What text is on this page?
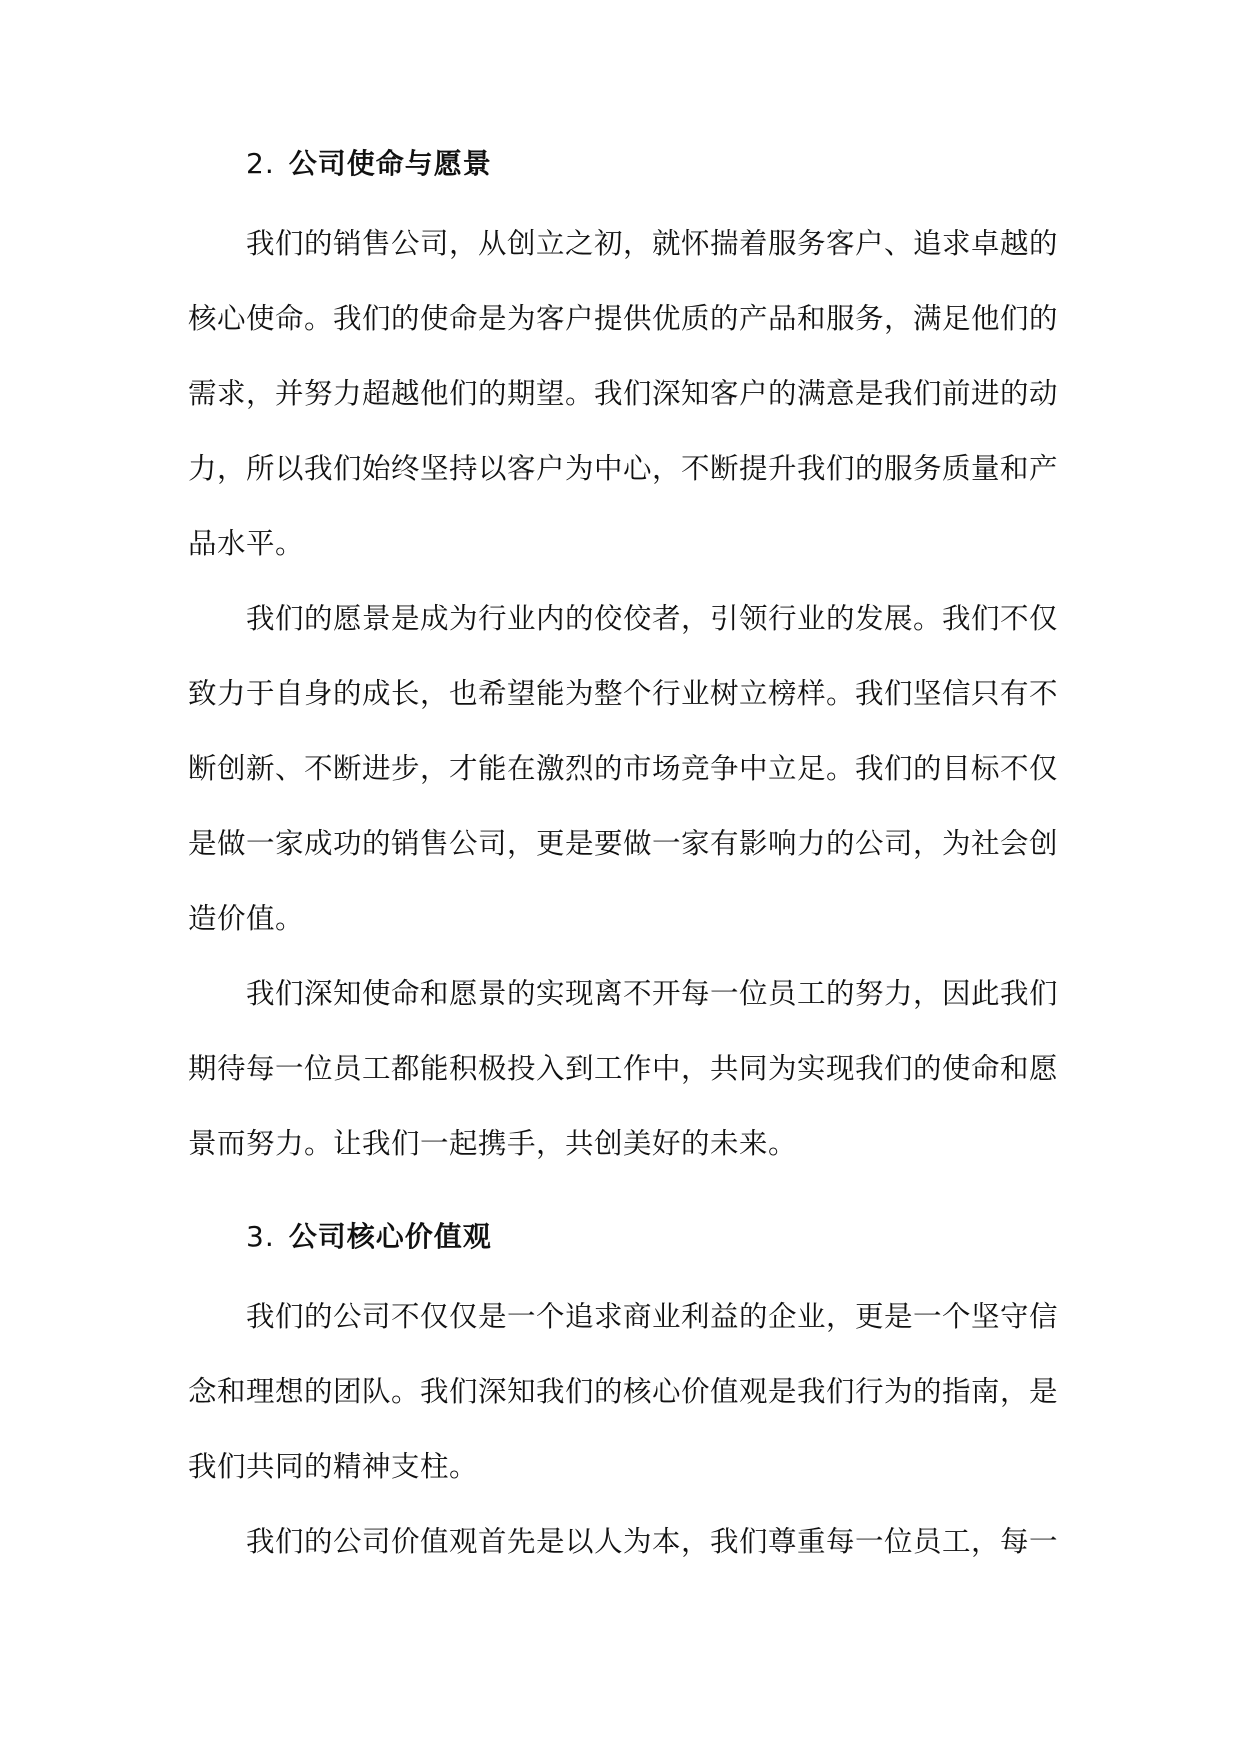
2. 公司使命与愿景

我们的销售公司，从创立之初，就怀揣着服务客户、追求卓越的核心使命。我们的使命是为客户提供优质的产品和服务，满足他们的需求，并努力超越他们的期望。我们深知客户的满意是我们前进的动力，所以我们始终坚持以客户为中心，不断提升我们的服务质量和产品水平。

我们的愿景是成为行业内的佼佼者，引领行业的发展。我们不仅致力于自身的成长，也希望能为整个行业树立榜样。我们坚信只有不断创新、不断进步，才能在激烈的市场竞争中立足。我们的目标不仅是做一家成功的销售公司，更是要做一家有影响力的公司，为社会创造价值。

我们深知使命和愿景的实现离不开每一位员工的努力，因此我们期待每一位员工都能积极投入到工作中，共同为实现我们的使命和愿景而努力。让我们一起携手，共创美好的未来。

3. 公司核心价值观

我们的公司不仅仅是一个追求商业利益的企业，更是一个坚守信念和理想的团队。我们深知我们的核心价值观是我们行为的指南，是我们共同的精神支柱。

我们的公司价值观首先是以人为本，我们尊重每一位员工，每一
